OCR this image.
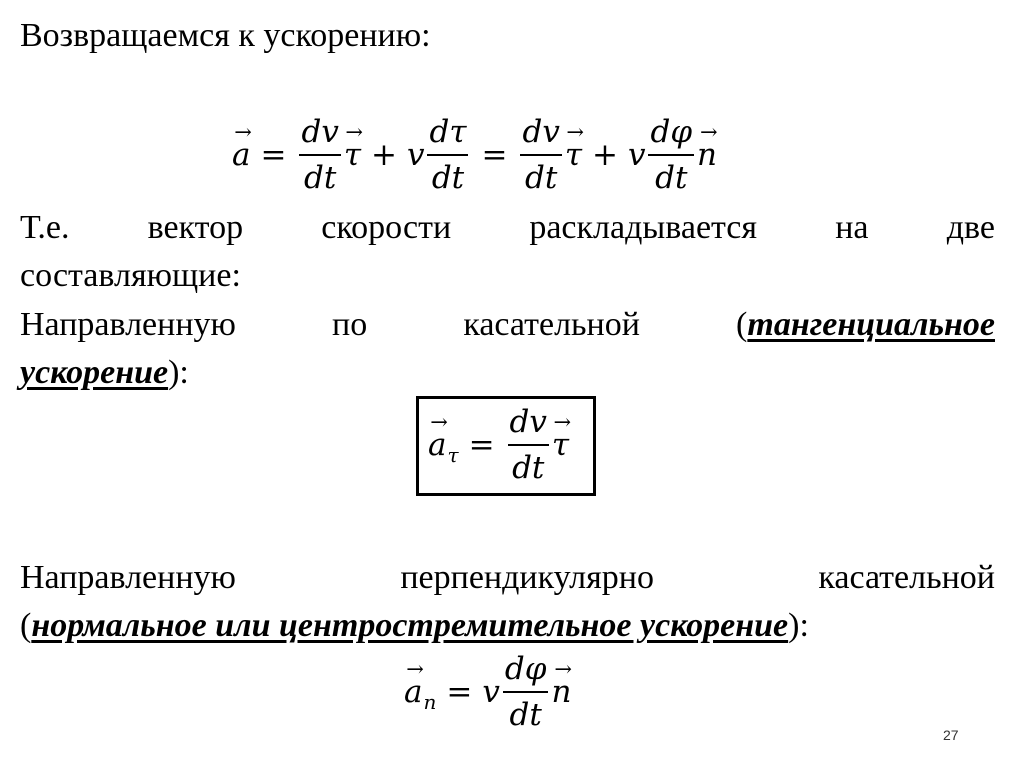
Возвращаемся к ускорению:
→
$a = \frac{dv}{dt}$ →
τ + v $\frac{d\tau}{dt} = \frac{dv}{dt}$ →
τ + v $\frac{d\varphi}{dt}$ →
n
Т.е. вектор скорости раскладывается на две
составляющие:
Направленную	по	касательной	(тангенциальное
ускорение):
→
a $\tau = \frac{dv}{dt}$ →
τ
Направленную	перпендикулярно	касательной
(нормальное или центростремительное ускорение):
→
a n = v $\frac{d\varphi}{dt}$ →
n
27
